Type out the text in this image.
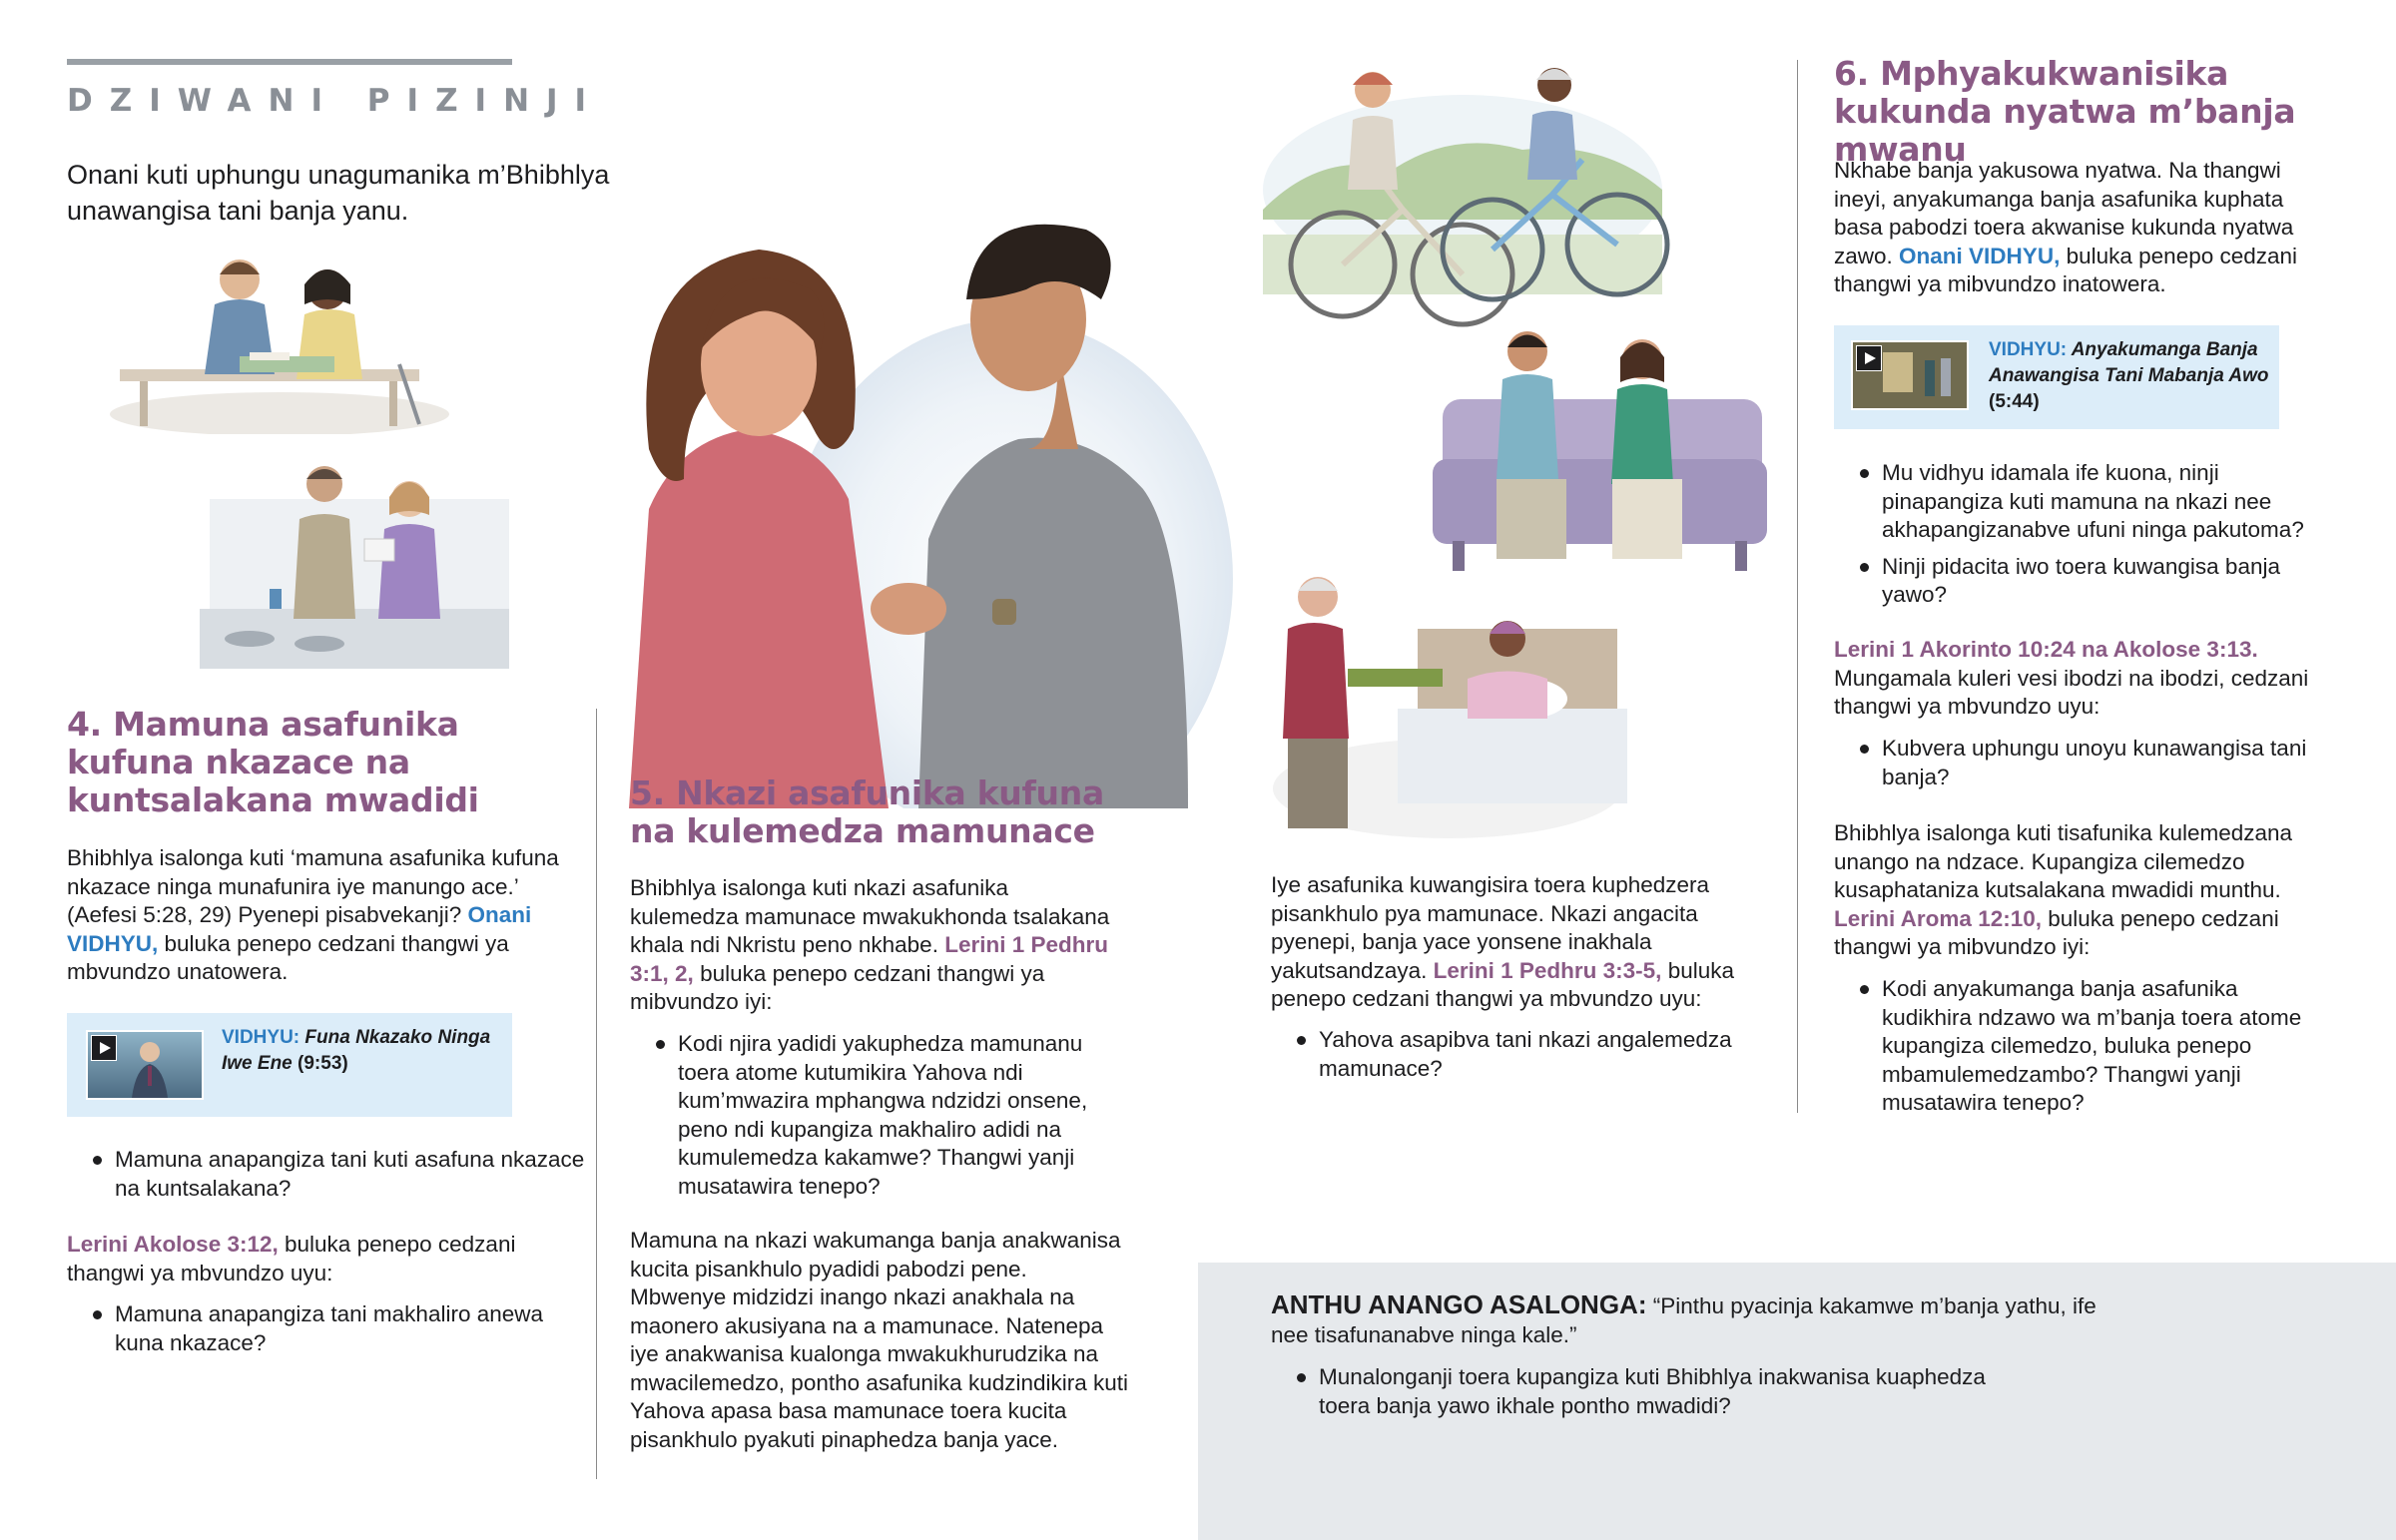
DZIWANI PIZINJI

Onani kuti uphungu unagumanika m’Bhibhlya unawangisa tani banja yanu.

4. Mamuna asafunika kufuna nkazace na kuntsalakana mwadidi

Bhibhlya isalonga kuti ‘mamuna asafunika kufuna nkazace ninga munafunira iye manungo ace.’ (Aefesi 5:28, 29) Pyenepi pisabvekanji? Onani VIDHYU, buluka penepo cedzani thangwi ya mbvundzo unatowera.

VIDHYU: Funa Nkazako Ninga Iwe Ene (9:53)
Mamuna anapangiza tani kuti asafuna nkazace na kuntsalakana?

Lerini Akolose 3:12, buluka penepo cedzani thangwi ya mbvundzo uyu:

Mamuna anapangiza tani makhaliro anewa kuna nkazace?
5. Nkazi asafunika kufuna na kulemedza mamunace

Bhibhlya isalonga kuti nkazi asafunika kulemedza mamunace mwakukhonda tsalakana khala ndi Nkristu peno nkhabe. Lerini 1 Pedhru 3:1, 2, buluka penepo cedzani thangwi ya mibvundzo iyi:

Kodi njira yadidi yakuphedza mamunanu toera atome kutumikira Yahova ndi kum’mwazira mphangwa ndzidzi onsene, peno ndi kupangiza makhaliro adidi na kumulemedza kakamwe? Thangwi yanji musatawira tenepo?

Mamuna na nkazi wakumanga banja anakwanisa kucita pisankhulo pyadidi pabodzi pene. Mbwenye midzidzi inango nkazi anakhala na maonero akusiyana na a mamunace. Natenepa iye anakwanisa kualonga mwakukhurudzika na mwacilemedzo, pontho asafunika kudzindikira kuti Yahova apasa basa mamunace toera kucita pisankhulo pyakuti pinaphedza banja yace.

Iye asafunika kuwangisira toera kuphedzera pisankhulo pya mamunace. Nkazi angacita pyenepi, banja yace yonsene inakhala yakutsandzaya. Lerini 1 Pedhru 3:3-5, buluka penepo cedzani thangwi ya mbvundzo uyu:

Yahova asapibva tani nkazi angalemedza mamunace?
6. Mphyakukwanisika kukunda nyatwa m’banja mwanu

Nkhabe banja yakusowa nyatwa. Na thangwi ineyi, anyakumanga banja asafunika kuphata basa pabodzi toera akwanise kukunda nyatwa zawo. Onani VIDHYU, buluka penepo cedzani thangwi ya mibvundzo inatowera.

VIDHYU: Anyakumanga Banja Anawangisa Tani Mabanja Awo (5:44)
Mu vidhyu idamala ife kuona, ninji pinapangiza kuti mamuna na nkazi nee akhapangizanabve ufuni ninga pakutoma?
Ninji pidacita iwo toera kuwangisa banja yawo?

Lerini 1 Akorinto 10:24 na Akolose 3:13. Mungamala kuleri vesi ibodzi na ibodzi, cedzani thangwi ya mbvundzo uyu:

Kubvera uphungu unoyu kunawangisa tani banja?

Bhibhlya isalonga kuti tisafunika kulemedzana unango na ndzace. Kupangiza cilemedzo kusaphataniza kutsalakana mwadidi munthu. Lerini Aroma 12:10, buluka penepo cedzani thangwi ya mibvundzo iyi:

Kodi anyakumanga banja asafunika kudikhira ndzawo wa m’banja toera atome kupangiza cilemedzo, buluka penepo mbamulemedzambo? Thangwi yanji musatawira tenepo?

ANTHU ANANGO ASALONGA: “Pinthu pyacinja kakamwe m’banja yathu, ife nee tisafunanabve ninga kale.”

Munalonganji toera kupangiza kuti Bhibhlya inakwanisa kuaphedza toera banja yawo ikhale pontho mwadidi?
